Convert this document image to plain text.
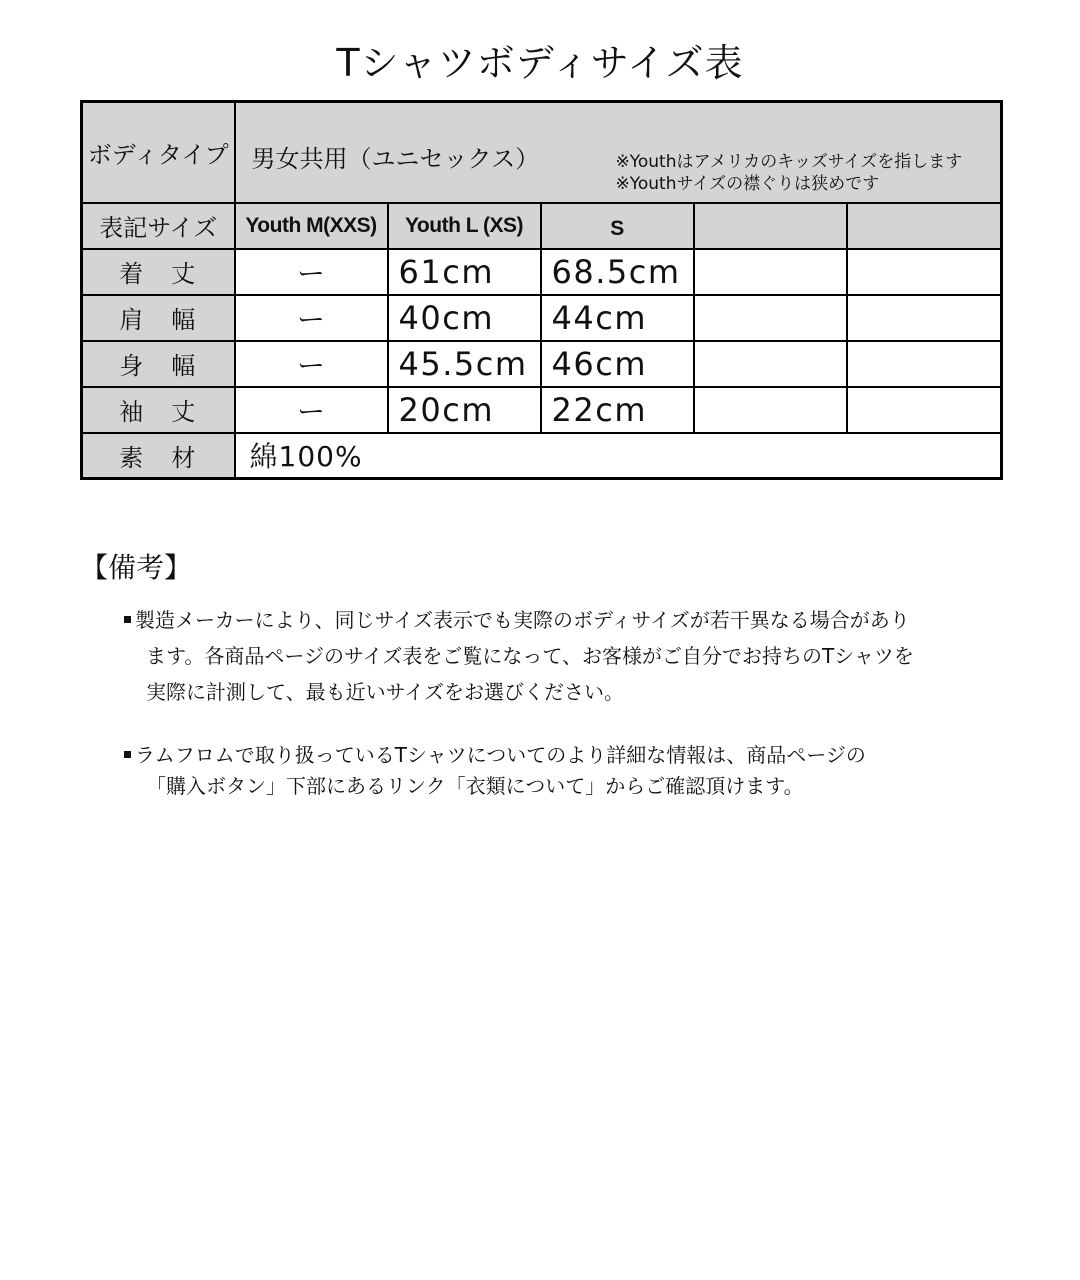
Tシャツボディサイズ表
ボディタイプ	男女共用（ユニセックス） ※Youthはアメリカのキッズサイズを指します
※Youthサイズの襟ぐりは狭めです				

表記サイズ	Youth M(XXS)	Youth L (XS)	S		
着丈	ー	61cm	68.5cm		
肩幅	ー	40cm	44cm		
身幅	ー	45.5cm	46cm		
袖丈	ー	20cm	22cm		
素材	綿100%				
【備考】

製造メーカーにより、同じサイズ表示でも実際のボディサイズが若干異なる場合があり

ます。各商品ページのサイズ表をご覧になって、お客様がご自分でお持ちのTシャツを

実際に計測して、最も近いサイズをお選びください。

ラムフロムで取り扱っているTシャツについてのより詳細な情報は、商品ページの

「購入ボタン」下部にあるリンク「衣類について」からご確認頂けます。
